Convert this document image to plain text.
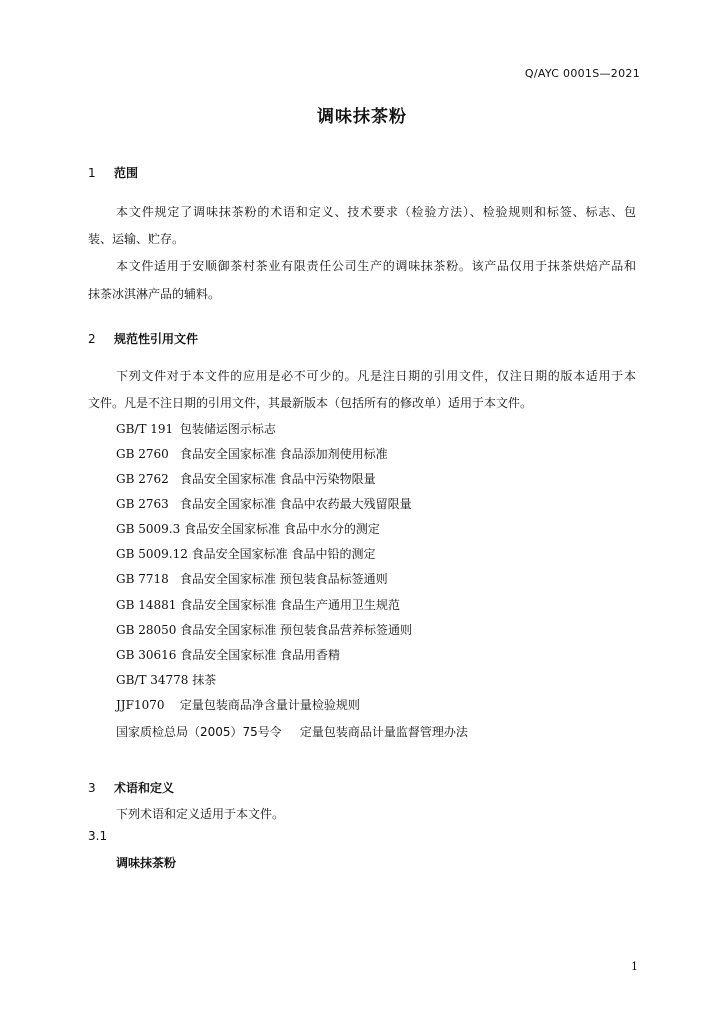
Q/AYC 0001S—2021
调味抹茶粉
1 范围
本文件规定了调味抹茶粉的术语和定义、技术要求（检验方法）、检验规则和标签、标志、包
装、运输、贮存。
本文件适用于安顺御茶村茶业有限责任公司生产的调味抹茶粉。该产品仅用于抹茶烘焙产品和
抹茶冰淇淋产品的辅料。
2 规范性引用文件
下列文件对于本文件的应用是必不可少的。凡是注日期的引用文件，仅注日期的版本适用于本
文件。凡是不注日期的引用文件，其最新版本（包括所有的修改单）适用于本文件。
GB/T 191 包装储运图示标志
GB 2760 食品安全国家标准 食品添加剂使用标准
GB 2762 食品安全国家标准 食品中污染物限量
GB 2763 食品安全国家标准 食品中农药最大残留限量
GB 5009.3 食品安全国家标准 食品中水分的测定
GB 5009.12 食品安全国家标准 食品中铅的测定
GB 7718 食品安全国家标准 预包装食品标签通则
GB 14881 食品安全国家标准 食品生产通用卫生规范
GB 28050 食品安全国家标准 预包装食品营养标签通则
GB 30616 食品安全国家标准 食品用香精
GB/T 34778 抹茶
JJF1070 定量包装商品净含量计量检验规则
国家质检总局（2005）75号令 定量包装商品计量监督管理办法
3 术语和定义
下列术语和定义适用于本文件。
3.1
调味抹茶粉
1
